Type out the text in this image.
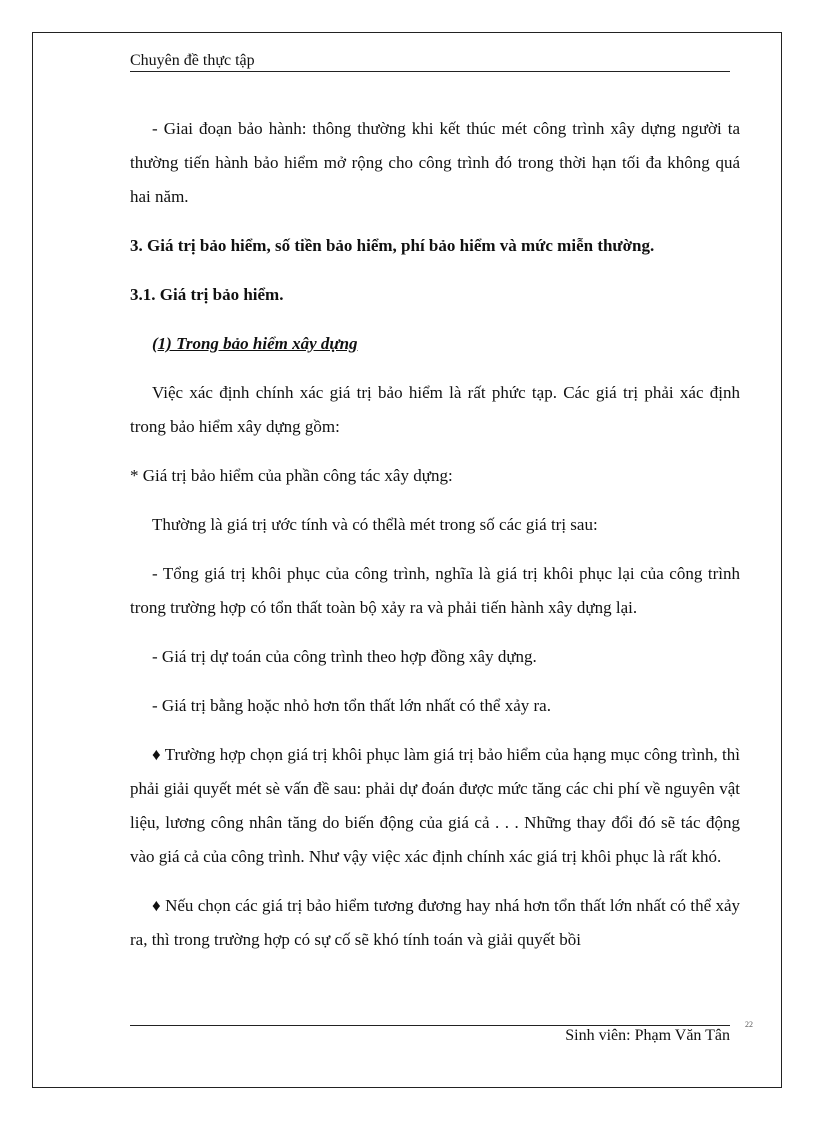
Chuyên đề thực tập

- Giai đoạn bảo hành: thông thường khi kết thúc mét công trình xây dựng người ta thường tiến hành bảo hiểm mở rộng cho công trình đó trong thời hạn tối đa không quá hai năm.

3. Giá trị bảo hiểm, số tiền bảo hiểm, phí bảo hiểm và mức miễn thường.

3.1. Giá trị bảo hiểm.

(1) Trong bảo hiểm xây dựng

Việc xác định chính xác giá trị bảo hiểm là rất phức tạp. Các giá trị phải xác định trong bảo hiểm xây dựng gồm:

* Giá trị bảo hiểm của phần công tác xây dựng:

Thường là giá trị ước tính và có thểlà mét trong số các giá trị sau:

- Tổng giá trị khôi phục của công trình, nghĩa là giá trị khôi phục lại của công trình trong trường hợp có tổn thất toàn bộ xảy ra và phải tiến hành xây dựng lại.

- Giá trị dự toán của công trình theo hợp đồng xây dựng.

- Giá trị bằng hoặc nhỏ hơn tổn thất lớn nhất có thể xảy ra.

♦ Trường hợp chọn giá trị khôi phục làm giá trị bảo hiểm của hạng mục công trình, thì phải giải quyết mét sè vấn đề sau: phải dự đoán được mức tăng các chi phí về nguyên vật liệu, lương công nhân tăng do biến động của giá cả . . . Những thay đổi đó sẽ tác động vào giá cả của công trình. Như vậy việc xác định chính xác giá trị khôi phục là rất khó.

♦ Nếu chọn các giá trị bảo hiểm tương đương hay nhá hơn tổn thất lớn nhất có thể xảy ra, thì trong trường hợp có sự cố sẽ khó tính toán và giải quyết bồi

Sinh viên: Phạm Văn Tân
22
